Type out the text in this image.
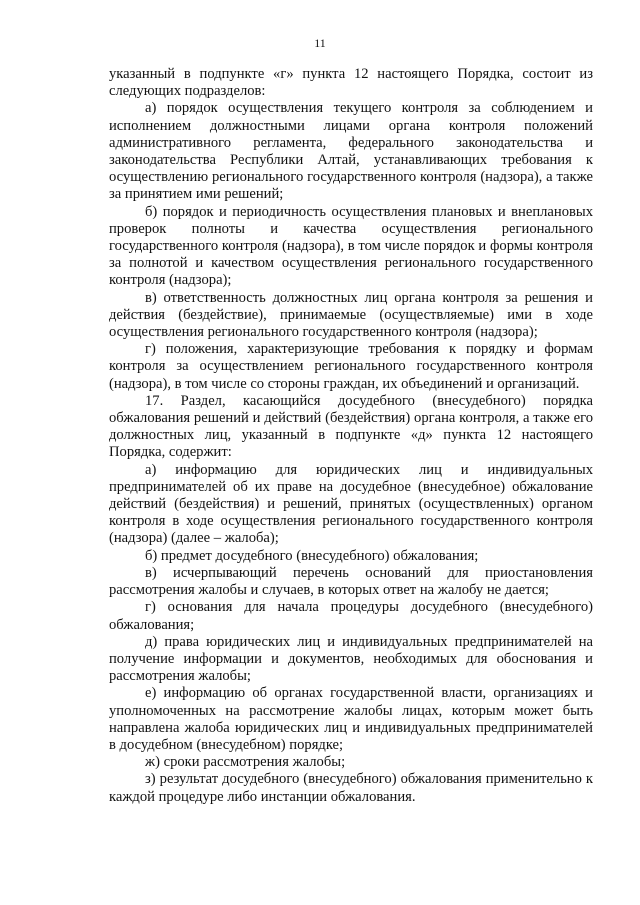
11

указанный в подпункте «г» пункта 12 настоящего Порядка, состоит из следующих подразделов:

а) порядок осуществления текущего контроля за соблюдением и исполнением должностными лицами органа контроля положений административного регламента, федерального законодательства и законодательства Республики Алтай, устанавливающих требования к осуществлению регионального государственного контроля (надзора), а также за принятием ими решений;

б) порядок и периодичность осуществления плановых и внеплановых проверок полноты и качества осуществления регионального государственного контроля (надзора), в том числе порядок и формы контроля за полнотой и качеством осуществления регионального государственного контроля (надзора);

в) ответственность должностных лиц органа контроля за решения и действия (бездействие), принимаемые (осуществляемые) ими в ходе осуществления регионального государственного контроля (надзора);

г) положения, характеризующие требования к порядку и формам контроля за осуществлением регионального государственного контроля (надзора), в том числе со стороны граждан, их объединений и организаций.

17. Раздел, касающийся досудебного (внесудебного) порядка обжалования решений и действий (бездействия) органа контроля, а также его должностных лиц, указанный в подпункте «д» пункта 12 настоящего Порядка, содержит:

а) информацию для юридических лиц и индивидуальных предпринимателей об их праве на досудебное (внесудебное) обжалование действий (бездействия) и решений, принятых (осуществленных) органом контроля в ходе осуществления регионального государственного контроля (надзора) (далее – жалоба);

б) предмет досудебного (внесудебного) обжалования;

в) исчерпывающий перечень оснований для приостановления рассмотрения жалобы и случаев, в которых ответ на жалобу не дается;

г) основания для начала процедуры досудебного (внесудебного) обжалования;

д) права юридических лиц и индивидуальных предпринимателей на получение информации и документов, необходимых для обоснования и рассмотрения жалобы;

е) информацию об органах государственной власти, организациях и уполномоченных на рассмотрение жалобы лицах, которым может быть направлена жалоба юридических лиц и индивидуальных предпринимателей в досудебном (внесудебном) порядке;

ж) сроки рассмотрения жалобы;

з) результат досудебного (внесудебного) обжалования применительно к каждой процедуре либо инстанции обжалования.
